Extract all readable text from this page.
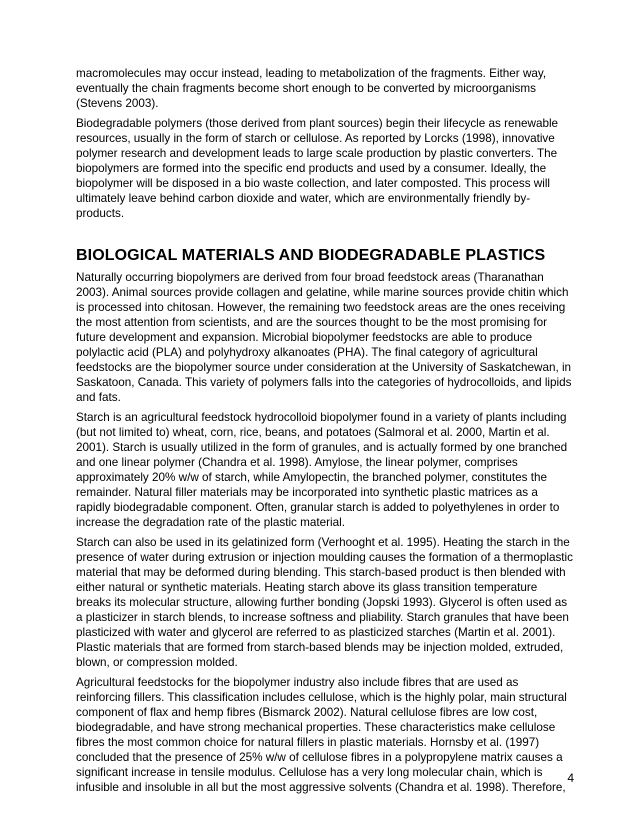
macromolecules may occur instead, leading to metabolization of the fragments. Either way, eventually the chain fragments become short enough to be converted by microorganisms (Stevens 2003).

Biodegradable polymers (those derived from plant sources) begin their lifecycle as renewable resources, usually in the form of starch or cellulose. As reported by Lorcks (1998), innovative polymer research and development leads to large scale production by plastic converters. The biopolymers are formed into the specific end products and used by a consumer. Ideally, the biopolymer will be disposed in a bio waste collection, and later composted. This process will ultimately leave behind carbon dioxide and water, which are environmentally friendly by-products.

BIOLOGICAL MATERIALS AND BIODEGRADABLE PLASTICS

Naturally occurring biopolymers are derived from four broad feedstock areas (Tharanathan 2003). Animal sources provide collagen and gelatine, while marine sources provide chitin which is processed into chitosan. However, the remaining two feedstock areas are the ones receiving the most attention from scientists, and are the sources thought to be the most promising for future development and expansion. Microbial biopolymer feedstocks are able to produce polylactic acid (PLA) and polyhydroxy alkanoates (PHA). The final category of agricultural feedstocks are the biopolymer source under consideration at the University of Saskatchewan, in Saskatoon, Canada. This variety of polymers falls into the categories of hydrocolloids, and lipids and fats.

Starch is an agricultural feedstock hydrocolloid biopolymer found in a variety of plants including (but not limited to) wheat, corn, rice, beans, and potatoes (Salmoral et al. 2000, Martin et al. 2001). Starch is usually utilized in the form of granules, and is actually formed by one branched and one linear polymer (Chandra et al. 1998). Amylose, the linear polymer, comprises approximately 20% w/w of starch, while Amylopectin, the branched polymer, constitutes the remainder. Natural filler materials may be incorporated into synthetic plastic matrices as a rapidly biodegradable component. Often, granular starch is added to polyethylenes in order to increase the degradation rate of the plastic material.

Starch can also be used in its gelatinized form (Verhooght et al. 1995). Heating the starch in the presence of water during extrusion or injection moulding causes the formation of a thermoplastic material that may be deformed during blending. This starch-based product is then blended with either natural or synthetic materials. Heating starch above its glass transition temperature breaks its molecular structure, allowing further bonding (Jopski 1993). Glycerol is often used as a plasticizer in starch blends, to increase softness and pliability. Starch granules that have been plasticized with water and glycerol are referred to as plasticized starches (Martin et al. 2001). Plastic materials that are formed from starch-based blends may be injection molded, extruded, blown, or compression molded.

Agricultural feedstocks for the biopolymer industry also include fibres that are used as reinforcing fillers. This classification includes cellulose, which is the highly polar, main structural component of flax and hemp fibres (Bismarck 2002). Natural cellulose fibres are low cost, biodegradable, and have strong mechanical properties. These characteristics make cellulose fibres the most common choice for natural fillers in plastic materials. Hornsby et al. (1997) concluded that the presence of 25% w/w of cellulose fibres in a polypropylene matrix causes a significant increase in tensile modulus. Cellulose has a very long molecular chain, which is infusible and insoluble in all but the most aggressive solvents (Chandra et al. 1998). Therefore,

4
